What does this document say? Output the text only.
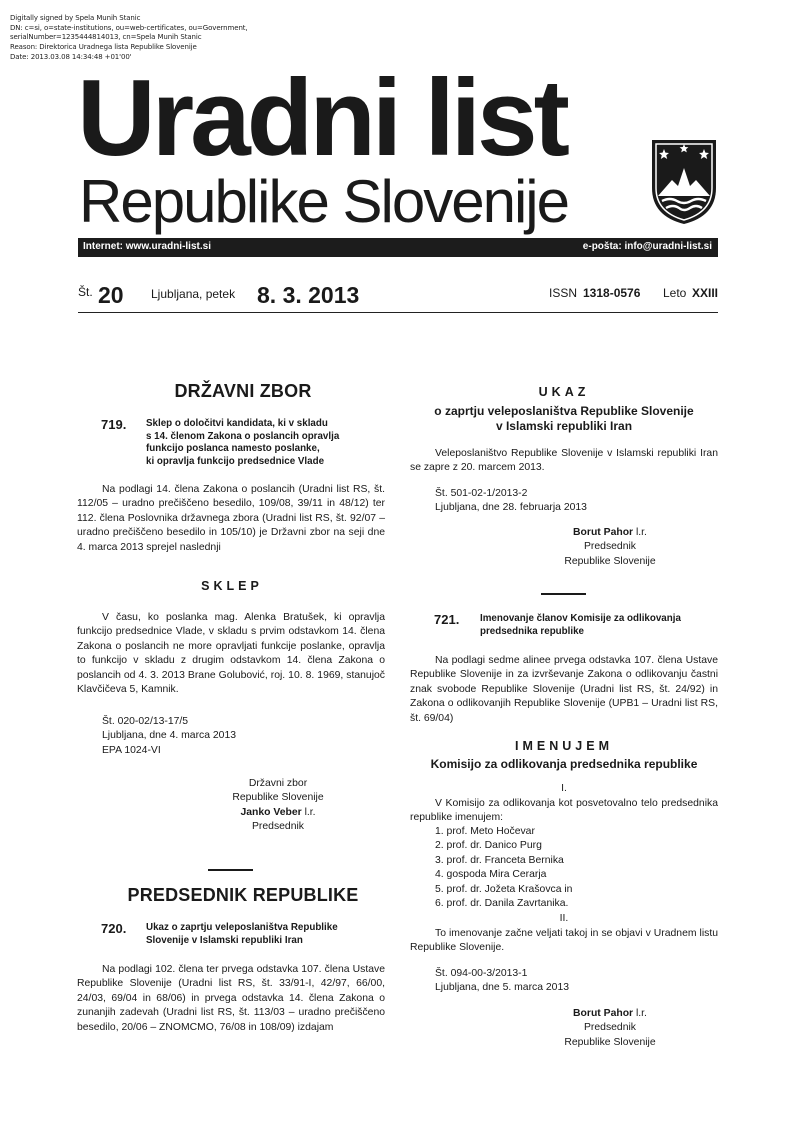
Digitally signed by Spela Munih Stanic
DN: c=si, o=state-institutions, ou=web-certificates, ou=Government,
serialNumber=1235444814013, cn=Spela Munih Stanic
Reason: Direktorica Uradnega lista Republike Slovenije
Date: 2013.03.08 14:34:48 +01'00'
Uradni list
Republike Slovenije
Internet: www.uradni-list.si	e-pošta: info@uradni-list.si
Št. 20 Ljubljana, petek 8. 3. 2013	ISSN 1318-0576 Leto XXIII
DRŽAVNI ZBOR
719. Sklep o določitvi kandidata, ki v skladu
s 14. členom Zakona o poslancih opravlja
funkcijo poslanca namesto poslanke,
ki opravlja funkcijo predsednice Vlade

Na podlagi 14. člena Zakona o poslancih (Uradni list RS, št. 112/05 – uradno prečiščeno besedilo, 109/08, 39/11 in 48/12) ter 112. člena Poslovnika državnega zbora (Uradni list RS, št. 92/07 – uradno prečiščeno besedilo in 105/10) je Državni zbor na seji dne 4. marca 2013 sprejel naslednji

SKLEP

V času, ko poslanka mag. Alenka Bratušek, ki opravlja funkcijo predsednice Vlade, v skladu s prvim odstavkom 14. člena Zakona o poslancih ne more opravljati funkcije poslanke, opravlja to funkcijo v skladu z drugim odstavkom 14. člena Zakona o poslancih od 4. 3. 2013 Brane Golubović, roj. 10. 8. 1969, stanujoč Klavčičeva 5, Kamnik.

Št. 020-02/13-17/5
Ljubljana, dne 4. marca 2013
EPA 1024-VI
Državni zbor
Republike Slovenije
Janko Veber l.r.
Predsednik
PREDSEDNIK REPUBLIKE
720. Ukaz o zaprtju veleposlaništva Republike
Slovenije v Islamski republiki Iran

Na podlagi 102. člena ter prvega odstavka 107. člena Ustave Republike Slovenije (Uradni list RS, št. 33/91-I, 42/97, 66/00, 24/03, 69/04 in 68/06) in prvega odstavka 14. člena Zakona o zunanjih zadevah (Uradni list RS, št. 113/03 – uradno prečiščeno besedilo, 20/06 – ZNOMCMO, 76/08 in 108/09) izdajam

UKAZ
o zaprtju veleposlaništva Republike Slovenije
v Islamski republiki Iran

Veleposlaništvo Republike Slovenije v Islamski republiki Iran se zapre z 20. marcem 2013.

Št. 501-02-1/2013-2
Ljubljana, dne 28. februarja 2013
Borut Pahor l.r.
Predsednik
Republike Slovenije
721. Imenovanje članov Komisije za odlikovanja
predsednika republike

Na podlagi sedme alinee prvega odstavka 107. člena Ustave Republike Slovenije in za izvrševanje Zakona o odlikovanju častni znak svobode Republike Slovenije (Uradni list RS, št. 24/92) in Zakona o odlikovanjih Republike Slovenije (UPB1 – Uradni list RS, št. 69/04)

IMENUJEM
Komisijo za odlikovanja predsednika republike
I.

V Komisijo za odlikovanja kot posvetovalno telo predsednika republike imenujem:

1. prof. Meto Hočevar
2. prof. dr. Danico Purg
3. prof. dr. Franceta Bernika
4. gospoda Mira Cerarja
5. prof. dr. Jožeta Krašovca in
6. prof. dr. Danila Zavrtanika.
II.

To imenovanje začne veljati takoj in se objavi v Uradnem listu Republike Slovenije.

Št. 094-00-3/2013-1
Ljubljana, dne 5. marca 2013
Borut Pahor l.r.
Predsednik
Republike Slovenije
